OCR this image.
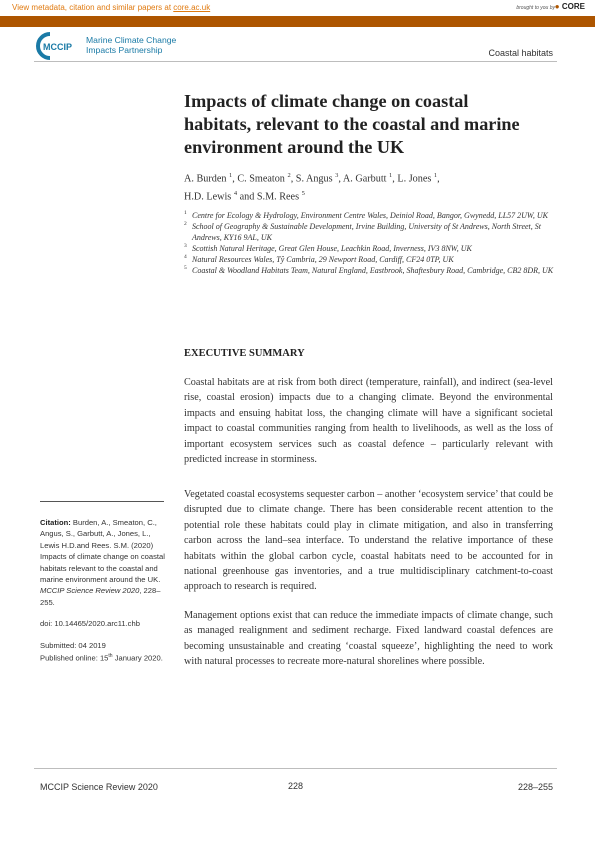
View metadata, citation and similar papers at core.ac.uk	brought to you by ● CORE
provided by St Andrews Research Repository
MCCIP
Marine Climate Change
Impacts Partnership	Coastal habitats
Impacts of climate change on coastal habitats, relevant to the coastal and marine environment around the UK
A. Burden $^1$, C. Smeaton $^2$, S. Angus $^3$, A. Garbutt $^1$, L. Jones $^1$,
H.D. Lewis $^4$ and S.M. Rees $^5$
1 Centre for Ecology & Hydrology, Environment Centre Wales, Deiniol Road, Bangor, Gwynedd, LL57 2UW, UK
2 School of Geography & Sustainable Development, Irvine Building, University of St Andrews, North Street, St Andrews, KY16 9AL, UK
3 Scottish Natural Heritage, Great Glen House, Leachkin Road, Inverness, IV3 8NW, UK
4 Natural Resources Wales, Tŷ Cambria, 29 Newport Road, Cardiff, CF24 0TP, UK
5 Coastal & Woodland Habitats Team, Natural England, Eastbrook, Shaftesbury Road, Cambridge, CB2 8DR, UK
EXECUTIVE SUMMARY
Coastal habitats are at risk from both direct (temperature, rainfall), and indirect (sea-level rise, coastal erosion) impacts due to a changing climate. Beyond the environmental impacts and ensuing habitat loss, the changing climate will have a significant societal impact to coastal communities ranging from health to livelihoods, as well as the loss of important ecosystem services such as coastal defence – particularly relevant with predicted increase in storminess.
Vegetated coastal ecosystems sequester carbon – another ‘ecosystem service’ that could be disrupted due to climate change. There has been considerable recent attention to the potential role these habitats could play in climate mitigation, and also in transferring carbon across the land–sea interface. To understand the relative importance of these habitats within the global carbon cycle, coastal habitats need to be accounted for in national greenhouse gas inventories, and a true multidisciplinary catchment-to-coast approach to research is required.
Management options exist that can reduce the immediate impacts of climate change, such as managed realignment and sediment recharge. Fixed landward coastal defences are becoming unsustainable and creating ‘coastal squeeze’, highlighting the need to work with natural processes to recreate more-natural shorelines where possible.
Citation: Burden, A., Smeaton, C., Angus, S., Garbutt, A., Jones, L., Lewis H.D.and Rees. S.M. (2020) Impacts of climate change on coastal habitats relevant to the coastal and marine environment around the UK. MCCIP Science Review 2020, 228–255.
doi: 10.14465/2020.arc11.chb
Submitted: 04 2019
Published online: 15th January 2020.
MCCIP Science Review 2020	228	228–255
